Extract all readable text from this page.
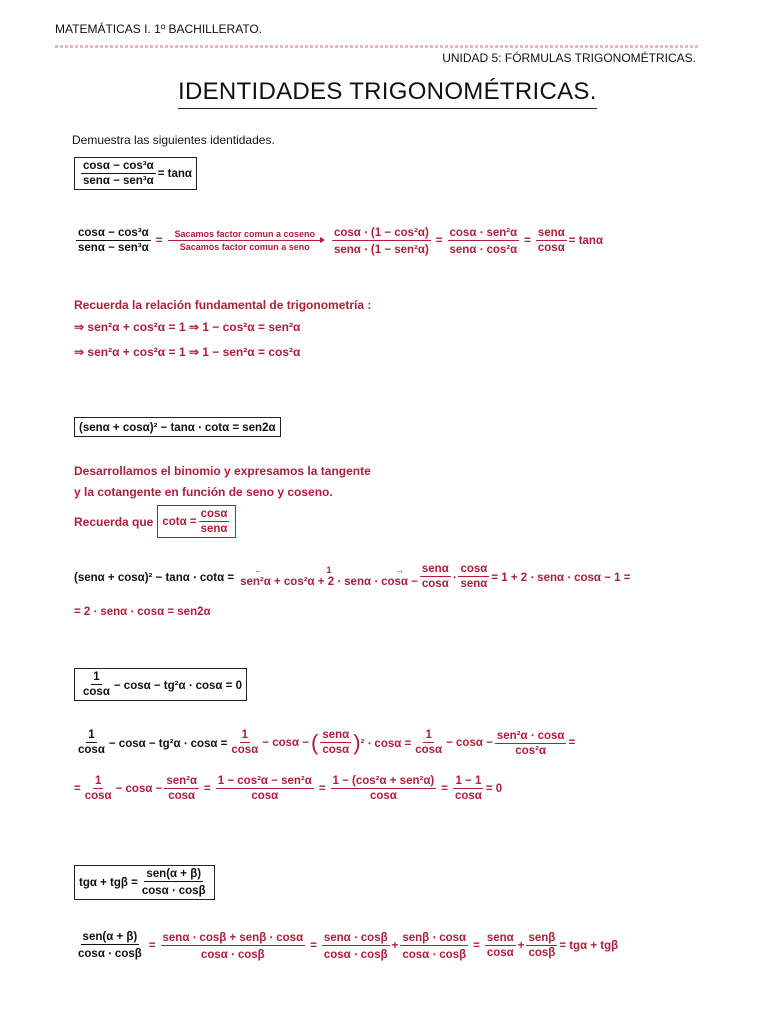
MATEMÁTICAS I. 1º BACHILLERATO.
UNIDAD 5: FÓRMULAS TRIGONOMÉTRICAS.
IDENTIDADES TRIGONOMÉTRICAS.
Demuestra las siguientes identidades.
$\frac{\text{cosα − cos³α}}{\text{senα − sen³α}} = \tan\alpha$
$\frac{\text{cosα − cos³α}}{\text{senα − sen³α}}$ =
Sacamos factor comun a coseno
Sacamos factor comun a seno	$\frac{\text{cosα ⋅ (1 − cos²α)}}{\text{senα ⋅ (1 − sen²α)}} = \frac{\text{cosα ⋅ sen²α}}{\text{senα ⋅ cos²α}} = \frac{\text{senα}}{\cos\alpha} = \tan\alpha$
Recuerda la relación fundamental de trigonometría :
⇒ sen²α + cos²α = 1 ⇒ 1 − cos²α = sen²α
⇒ sen²α + cos²α = 1 ⇒ 1 − sen²α = cos²α
(senα + cosα)² − tanα ⋅ cotα = sen2α
Desarrollamos el binomio y expresamos la tangente
y la cotangente en función de seno y coseno.
Recuerda que $\cot\alpha = \frac{\cos\alpha}{\text{senα}}$
(senα + cosα)² − tanα ⋅ cotα =
←	1	→
$sen^2\alpha + \cos^2\alpha + 2 \cdot sen\alpha \cdot \cos\alpha - \frac{\text{senα}}{\cos\alpha} \cdot \frac{\cos\alpha}{\text{senα}} = 1 + 2 \cdot sen\alpha \cdot \cos\alpha - 1$ =
= 2 ⋅ senα ⋅ cosα = sen2α
$\frac{1}{\cos\alpha} - \cos\alpha - tg^2\alpha \cdot \cos\alpha = 0$
$\frac{1}{\cos\alpha} - \cos\alpha - tg^2\alpha \cdot \cos\alpha = \frac{1}{\cos\alpha} - \cos\alpha$ − ( $\frac{\text{senα}}{\cos\alpha}$ ) $^2 \cdot \cos\alpha = \frac{1}{\cos\alpha} - \cos\alpha - \frac{\text{sen²α ⋅ cosα}}{\text{cos²α}}$ =
= $\frac{1}{\cos\alpha} - \cos\alpha - \frac{\text{sen²α}}{\cos\alpha} = \frac{\text{1 − cos²α − sen²α}}{\cos\alpha} = \frac{\text{1 − (cos²α + sen²α)}}{\cos\alpha} = \frac{1 - 1}{\cos\alpha} = 0$
$tg\alpha + tg\beta = \frac{\text{sen(α + β)}}{\cos\alpha \cdot \cos\beta}$
$\frac{\text{sen(α + β)}}{\cos\alpha \cdot \cos\beta} = \frac{\text{senα ⋅ cosβ + senβ ⋅ cosα}}{\cos\alpha \cdot \cos\beta} = \frac{\text{senα ⋅ cosβ}}{\cos\alpha \cdot \cos\beta} + \frac{\text{senβ ⋅ cosα}}{\cos\alpha \cdot \cos\beta} = \frac{\text{senα}}{\cos\alpha} + \frac{\text{senβ}}{\cos\beta} = tg\alpha + tg\beta$
